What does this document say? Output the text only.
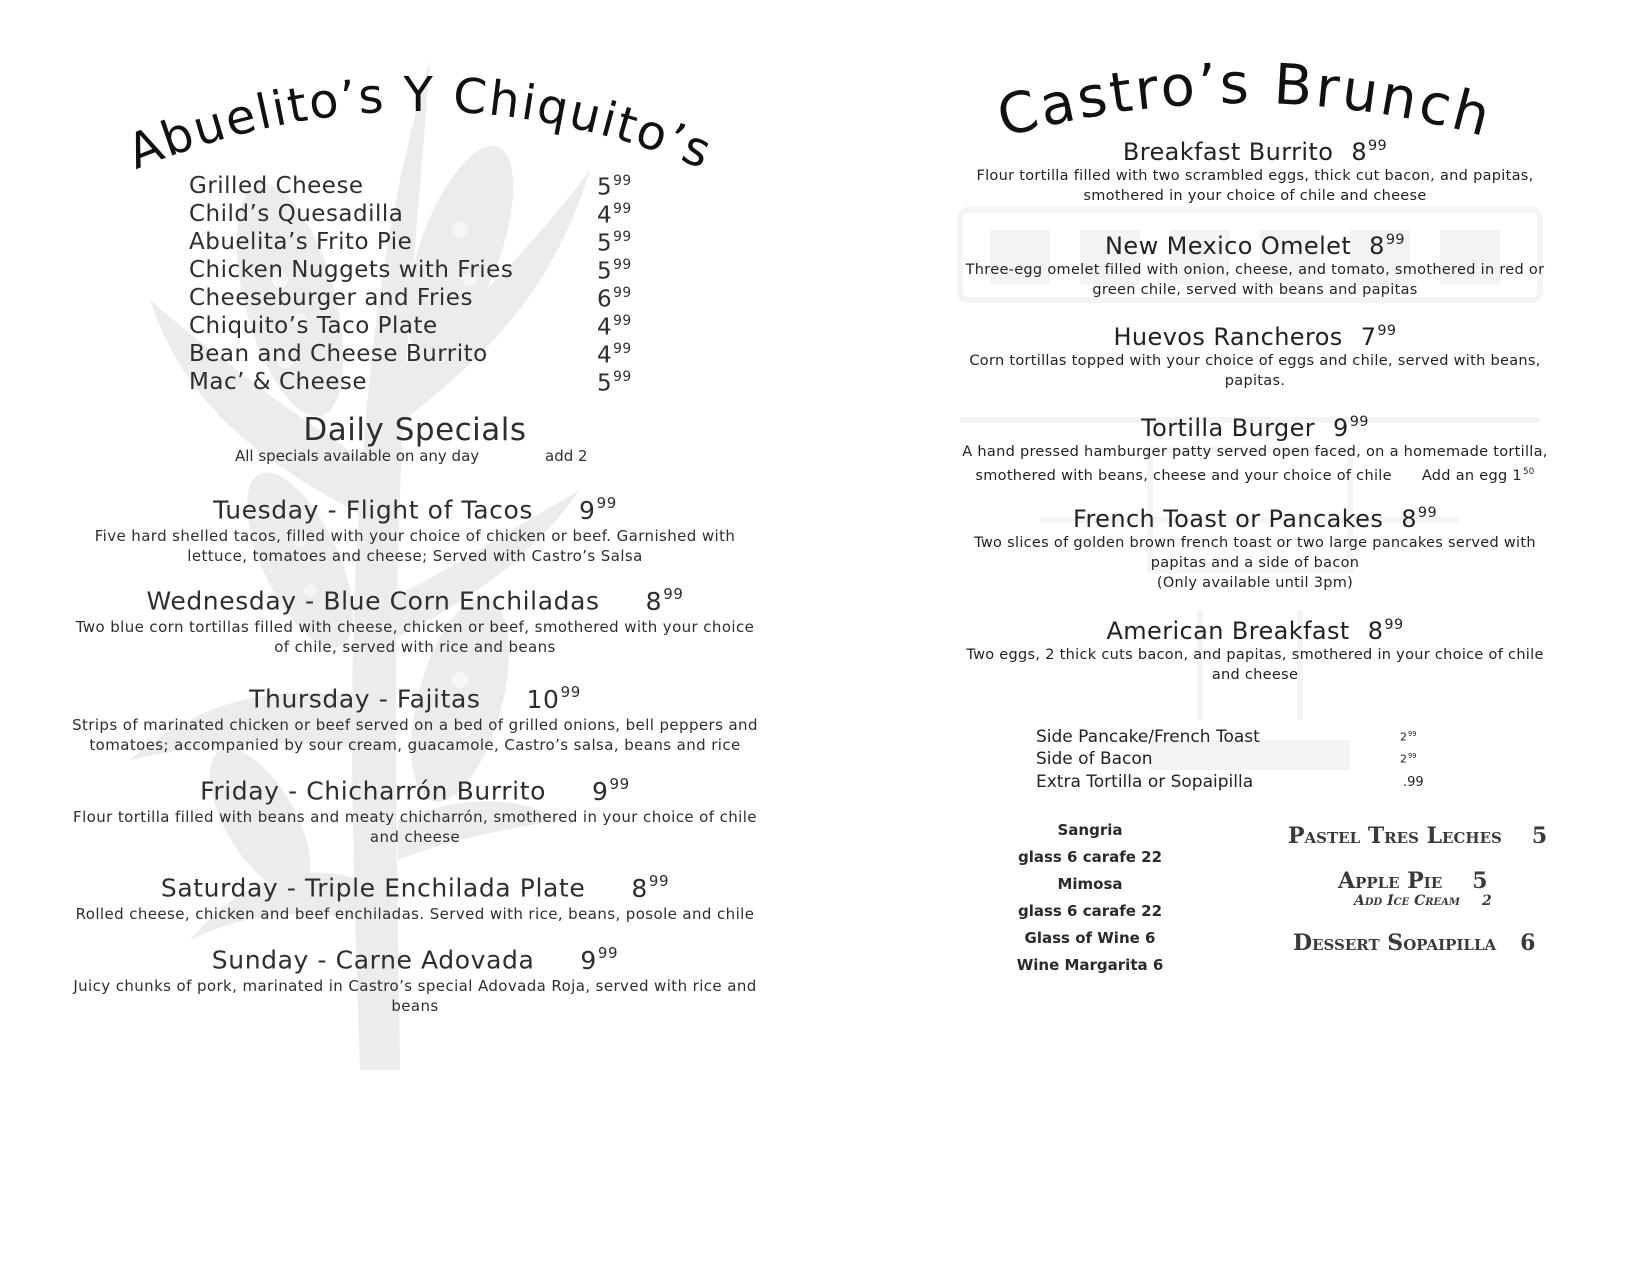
Abuelito’s Y Chiquito’s
Grilled Cheese	$5^{99}$
Child’s Quesadilla	$4^{99}$
Abuelita’s Frito Pie	$5^{99}$
Chicken Nuggets with Fries	$5^{99}$
Cheeseburger and Fries	$6^{99}$
Chiquito’s Taco Plate	$4^{99}$
Bean and Cheese Burrito	$4^{99}$
Mac’ & Cheese	$5^{99}$
Daily Specials
All specials available on any day	add 2
Tuesday - Flight of Tacos $9^{99}$
Five hard shelled tacos, filled with your choice of chicken or beef. Garnished with lettuce, tomatoes and cheese; Served with Castro’s Salsa
Wednesday - Blue Corn Enchiladas $8^{99}$
Two blue corn tortillas filled with cheese, chicken or beef, smothered with your choice of chile, served with rice and beans
Thursday - Fajitas $10^{99}$
Strips of marinated chicken or beef served on a bed of grilled onions, bell peppers and tomatoes; accompanied by sour cream, guacamole, Castro’s salsa, beans and rice
Friday - Chicharrón Burrito $9^{99}$
Flour tortilla filled with beans and meaty chicharrón, smothered in your choice of chile and cheese
Saturday - Triple Enchilada Plate $8^{99}$
Rolled cheese, chicken and beef enchiladas. Served with rice, beans, posole and chile
Sunday - Carne Adovada $9^{99}$
Juicy chunks of pork, marinated in Castro’s special Adovada Roja, served with rice and beans
Castro’s Brunch
Breakfast Burrito $8^{99}$
Flour tortilla filled with two scrambled eggs, thick cut bacon, and papitas, smothered in your choice of chile and cheese
New Mexico Omelet $8^{99}$
Three-egg omelet filled with onion, cheese, and tomato, smothered in red or green chile, served with beans and papitas
Huevos Rancheros $7^{99}$
Corn tortillas topped with your choice of eggs and chile, served with beans, papitas.
Tortilla Burger $9^{99}$
A hand pressed hamburger patty served open faced, on a homemade tortilla, smothered with beans, cheese and your choice of chile Add an egg $1^{50}$
French Toast or Pancakes $8^{99}$
Two slices of golden brown french toast or two large pancakes served with papitas and a side of bacon
(Only available until 3pm)
American Breakfast $8^{99}$
Two eggs, 2 thick cuts bacon, and papitas, smothered in your choice of chile and cheese
Side Pancake/French Toast	$2^{99}$
Side of Bacon	$2^{99}$
Extra Tortilla or Sopaipilla	.99
Sangria
glass 6 carafe 22
Mimosa
glass 6 carafe 22
Glass of Wine 6
Wine Margarita 6
Pastel Tres Leches 5
Apple Pie 5
Add Ice Cream 2
Dessert Sopaipilla 6
